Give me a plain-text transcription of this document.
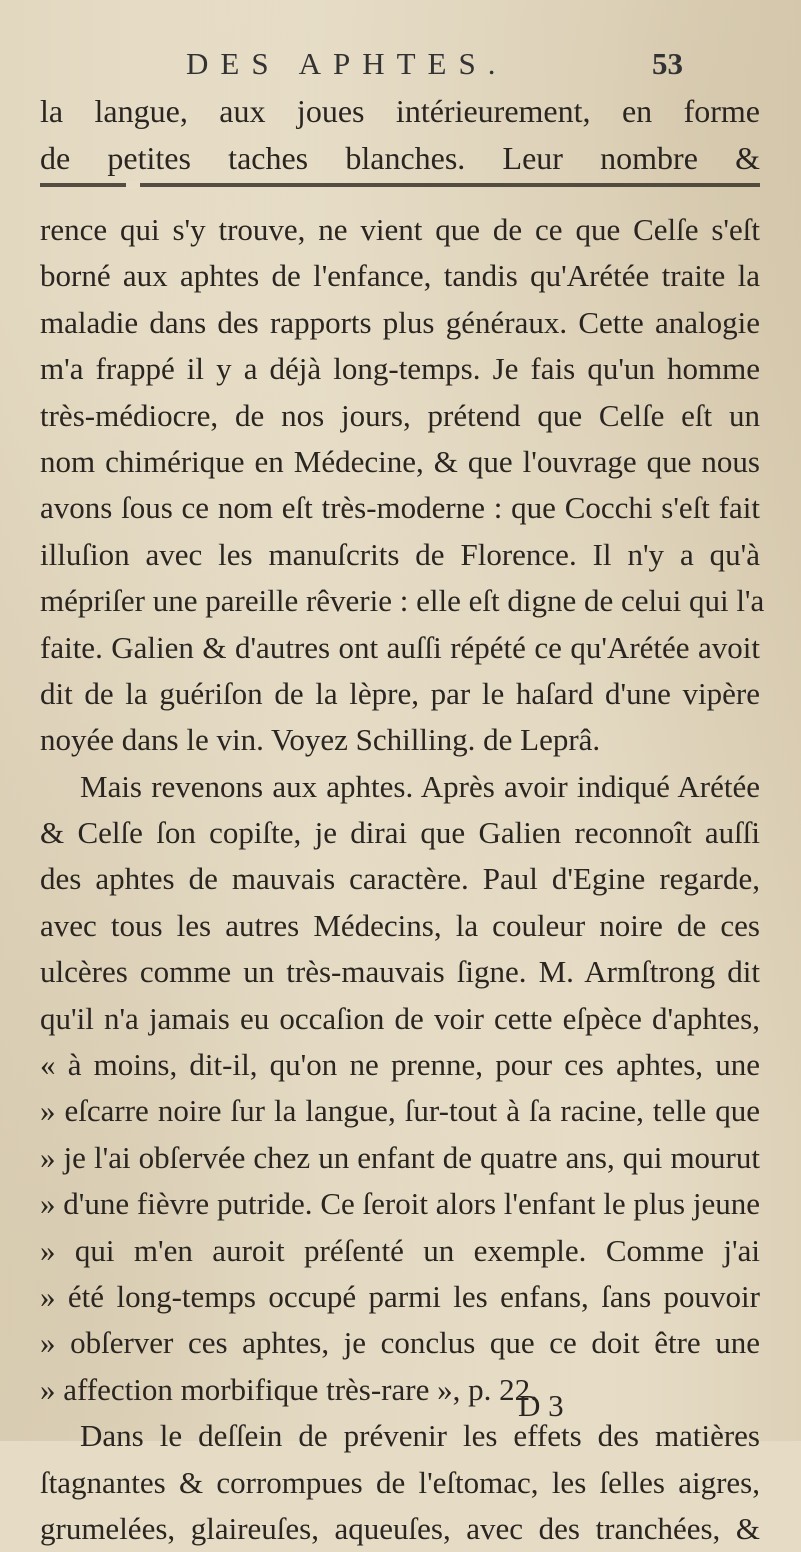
DES APHTES.	53
la langue, aux joues intérieurement, en forme
de petites taches blanches. Leur nombre &
rence qui s'y trouve, ne vient que de ce que Celſe s'eſt
borné aux aphtes de l'enfance, tandis qu'Arétée traite la
maladie dans des rapports plus généraux. Cette analogie
m'a frappé il y a déjà long-temps. Je fais qu'un homme
très-médiocre, de nos jours, prétend que Celſe eſt un
nom chimérique en Médecine, & que l'ouvrage que nous
avons ſous ce nom eſt très-moderne : que Cocchi s'eſt fait
illuſion avec les manuſcrits de Florence. Il n'y a qu'à
mépriſer une pareille rêverie : elle eſt digne de celui qui l'a
faite. Galien & d'autres ont auſſi répété ce qu'Arétée avoit
dit de la guériſon de la lèpre, par le haſard d'une vipère
noyée dans le vin. Voyez Schilling. de Leprâ.
Mais revenons aux aphtes. Après avoir indiqué Arétée
& Celſe ſon copiſte, je dirai que Galien reconnoît auſſi
des aphtes de mauvais caractère. Paul d'Egine regarde,
avec tous les autres Médecins, la couleur noire de ces
ulcères comme un très-mauvais ſigne. M. Armſtrong dit
qu'il n'a jamais eu occaſion de voir cette eſpèce d'aphtes,
« à moins, dit-il, qu'on ne prenne, pour ces aphtes, une
» eſcarre noire ſur la langue, ſur-tout à ſa racine, telle que
» je l'ai obſervée chez un enfant de quatre ans, qui mourut
» d'une fièvre putride. Ce ſeroit alors l'enfant le plus jeune
» qui m'en auroit préſenté un exemple. Comme j'ai
» été long-temps occupé parmi les enfans, ſans pouvoir
» obſerver ces aphtes, je conclus que ce doit être une
» affection morbifique très-rare », p. 22.
Dans le deſſein de prévenir les effets des matières
ſtagnantes & corrompues de l'eſtomac, les ſelles aigres,
grumelées, glaireuſes, aqueuſes, avec des tranchées, &
D 3
